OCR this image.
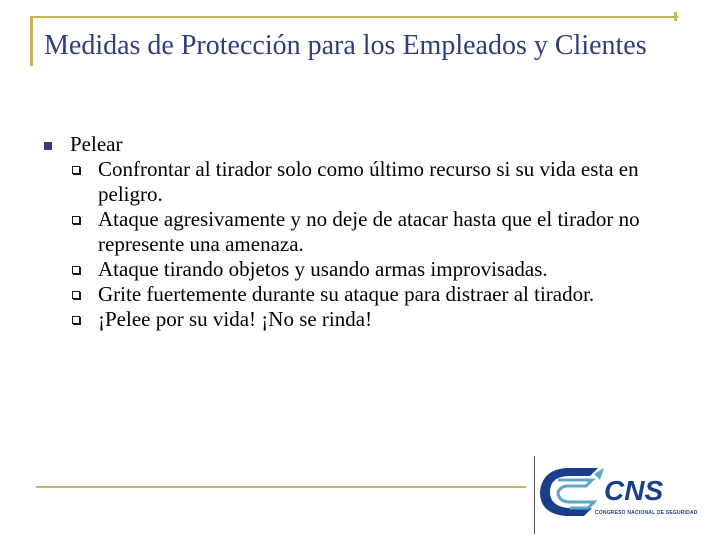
Medidas de Protección para los Empleados y Clientes
Pelear
Confrontar al tirador solo como último recurso si su vida esta en peligro.
Ataque agresivamente y no deje de atacar hasta que el tirador no represente una amenaza.
Ataque tirando objetos y usando armas improvisadas.
Grite fuertemente durante su ataque para distraer al tirador.
¡Pelee por su vida! ¡No se rinda!
CNS
CONGRESO NACIONAL DE SEGURIDAD
